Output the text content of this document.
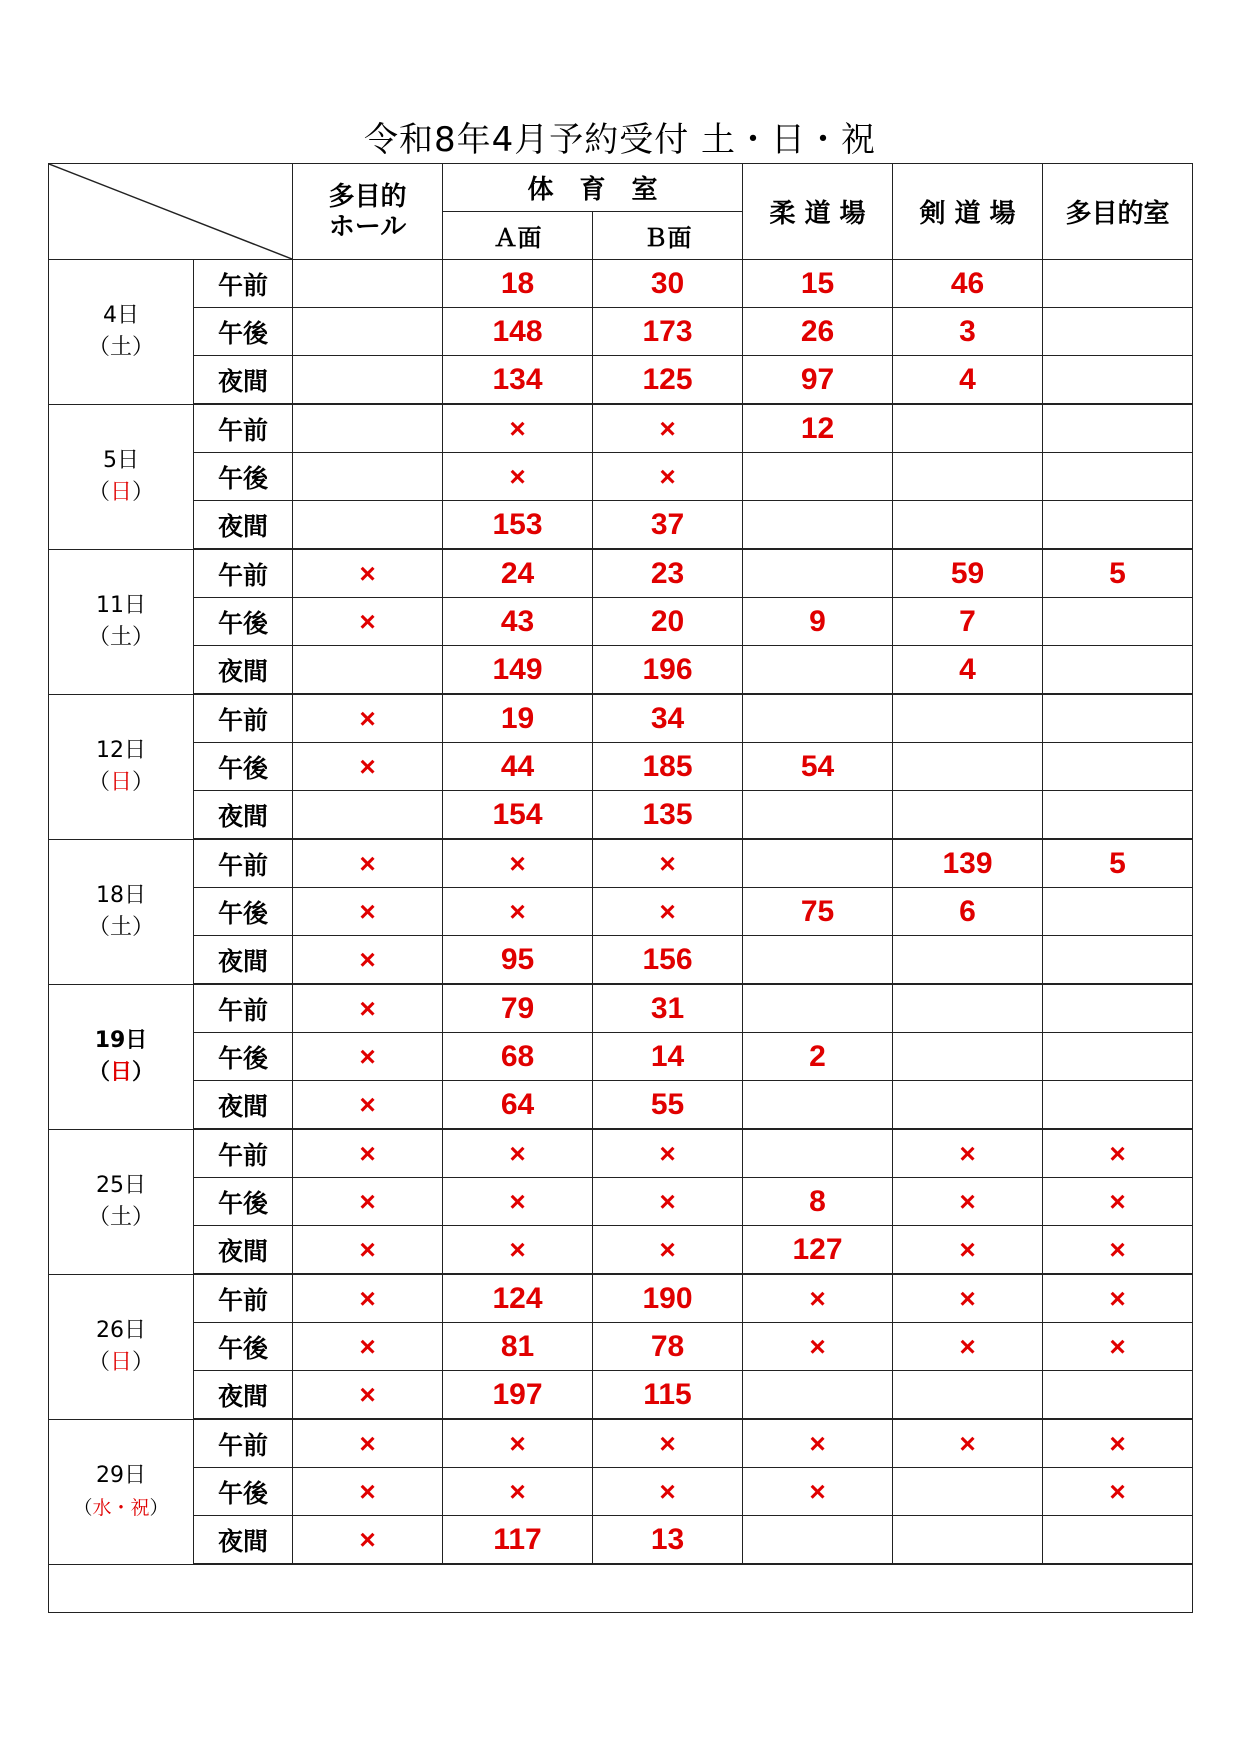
令和8年4月予約受付 土・日・祝
	多目的
ホール	体　育　室		柔 道 場	剣 道 場	多目的室
			Ａ面	Ｂ面			

4日
（土）	午前		18	30	15	46	
	午後		148	173	26	3	
	夜間		134	125	97	4	

5日
（日）	午前		×	×	12		
	午後		×	×			
	夜間		153	37			

11日
（土）	午前	×	24	23		59	5
	午後	×	43	20	9	7	
	夜間		149	196		4	

12日
（日）	午前	×	19	34			
	午後	×	44	185	54		
	夜間		154	135			

18日
（土）	午前	×	×	×		139	5
	午後	×	×	×	75	6	
	夜間	×	95	156			

19日
（日）	午前	×	79	31			
	午後	×	68	14	2		
	夜間	×	64	55			

25日
（土）	午前	×	×	×		×	×
	午後	×	×	×	8	×	×
	夜間	×	×	×	127	×	×

26日
（日）	午前	×	124	190	×	×	×
	午後	×	81	78	×	×	×
	夜間	×	197	115			

29日
（水・祝）	午前	×	×	×	×	×	×
	午後	×	×	×	×		×
	夜間	×	117	13			
